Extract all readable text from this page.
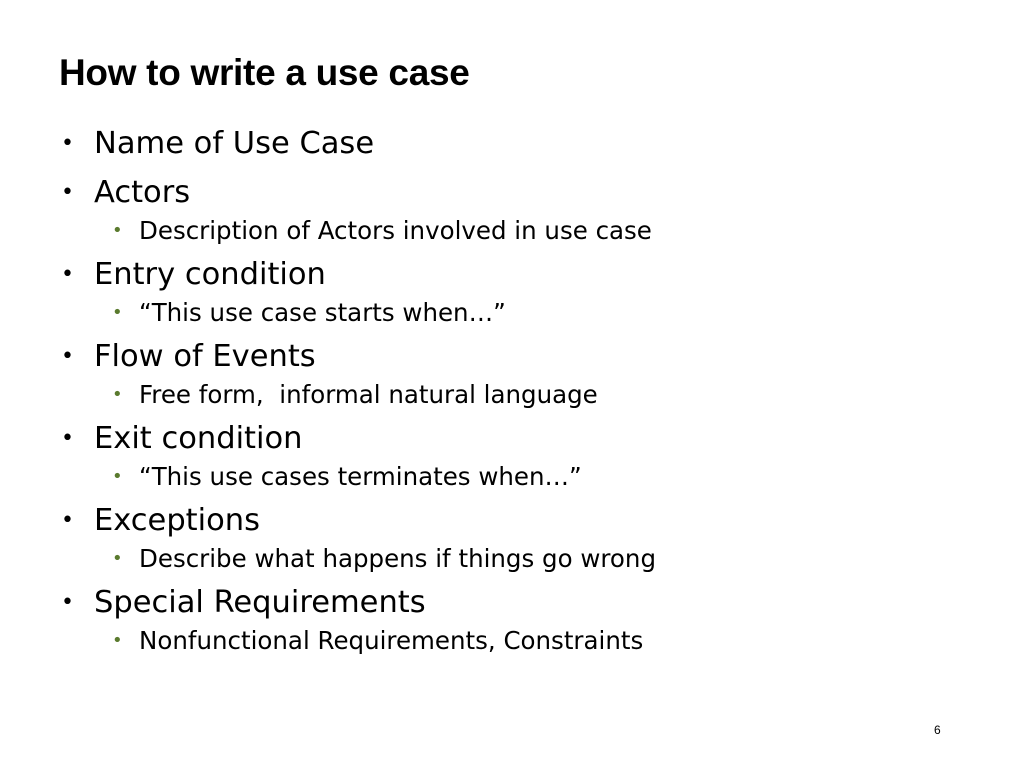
How to write a use case
• Name of Use Case
• Actors
• Description of Actors involved in use case
• Entry condition
• “This use case starts when…”
• Flow of Events
• Free form,  informal natural language
• Exit condition
• “This use cases terminates when…”
• Exceptions
• Describe what happens if things go wrong
• Special Requirements
• Nonfunctional Requirements, Constraints
6
